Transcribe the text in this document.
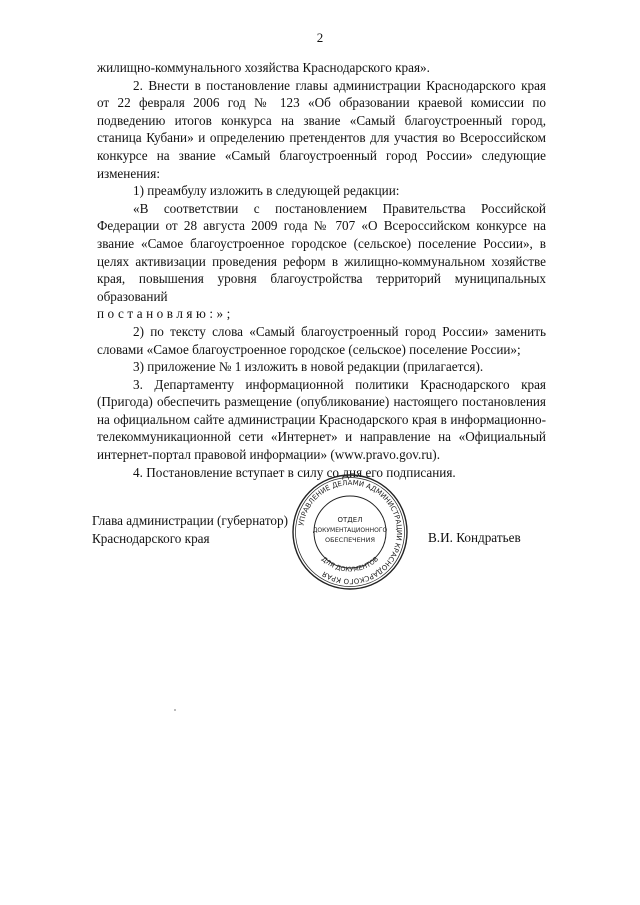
2

жилищно-коммунального хозяйства Краснодарского края».

2. Внести в постановление главы администрации Краснодарского края от 22 февраля 2006 год № 123 «Об образовании краевой комиссии по подведению итогов конкурса на звание «Самый благоустроенный город, станица Кубани» и определению претендентов для участия во Всероссийском конкурсе на звание «Самый благоустроенный город России» следующие изменения:

1) преамбулу изложить в следующей редакции:

«В соответствии с постановлением Правительства Российской Федерации от 28 августа 2009 года № 707 «О Всероссийском конкурсе на звание «Самое благоустроенное городское (сельское) поселение России», в целях активизации проведения реформ в жилищно-коммунальном хозяйстве края, повышения уровня благоустройства территорий муниципальных образований

постановляю:»;

2) по тексту слова «Самый благоустроенный город России» заменить словами «Самое благоустроенное городское (сельское) поселение России»;

3) приложение № 1 изложить в новой редакции (прилагается).

3. Департаменту информационной политики Краснодарского края (Пригода) обеспечить размещение (опубликование) настоящего постановления на официальном сайте администрации Краснодарского края в информационно-телекоммуникационной сети «Интернет» и направление на «Официальный интернет-портал правовой информации» (www.pravo.gov.ru).

4. Постановление вступает в силу со дня его подписания.

УПРАВЛЕНИЕ ДЕЛАМИ АДМИНИСТРАЦИИ КРАСНОДАРСКОГО КРАЯ
ДЛЯ ДОКУМЕНТОВ
ОТДЕЛ
ДОКУМЕНТАЦИОННОГО
ОБЕСПЕЧЕНИЯ
Глава администрации (губернатор)
Краснодарского края	В.И. Кондратьев
